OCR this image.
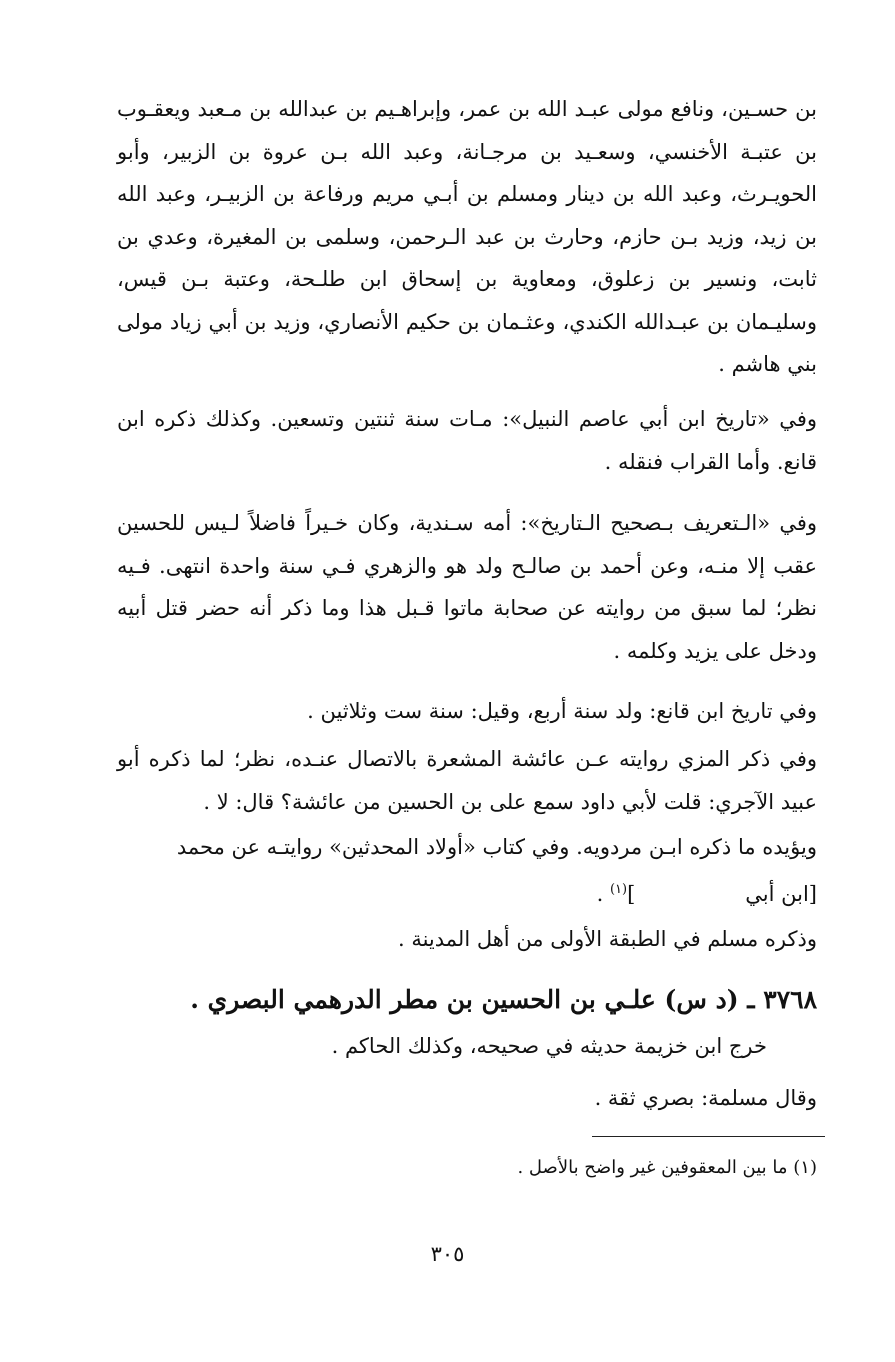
بن حسـين، ونافع مولى عبـد الله بن عمر، وإبراهـيم بن عبدالله بن مـعبد ويعقـوب بن عتبـة الأخنسي، وسعـيد بن مرجـانة، وعبد الله بـن عروة بن الزبير، وأبو الحويـرث، وعبد الله بن دينار ومسلم بن أبـي مريم ورفاعة بن الزبيـر، وعبد الله بن زيد، وزيد بـن حازم، وحارث بن عبد الـرحمن، وسلمى بن المغيرة، وعدي بن ثابت، ونسير بن زعلوق، ومعاوية بن إسحاق ابن طلـحة، وعتبة بـن قيس، وسليـمان بن عبـدالله الكندي، وعثـمان بن حكيم الأنصاري، وزيد بن أبي زياد مولى بني هاشم .
وفي «تاريخ ابن أبي عاصم النبيل»: مـات سنة ثنتين وتسعين. وكذلك ذكره ابن قانع. وأما القراب فنقله .
وفي «الـتعريف بـصحيح الـتاريخ»: أمه سـندية، وكان خـيراً فاضلاً لـيس للحسين عقب إلا منـه، وعن أحمد بن صالـح ولد هو والزهري فـي سنة واحدة انتهى. فـيه نظر؛ لما سبق من روايته عن صحابة ماتوا قـبل هذا وما ذكر أنه حضر قتل أبيه ودخل على يزيد وكلمه .
وفي تاريخ ابن قانع: ولد سنة أربع، وقيل: سنة ست وثلاثين .
وفي ذكر المزي روايته عـن عائشة المشعرة بالاتصال عنـده، نظر؛ لما ذكره أبو عبيد الآجري: قلت لأبي داود سمع على بن الحسين من عائشة؟ قال: لا .
ويؤيده ما ذكره ابـن مردويه. وفي كتاب «أولاد المحدثين» روايتـه عن محمد
[ابن أبي]$^{(١)}$ .
وذكره مسلم في الطبقة الأولى من أهل المدينة .
٣٧٦٨ ـ (د س) علـي بن الحسين بن مطر الدرهمي البصري .
خرج ابن خزيمة حديثه في صحيحه، وكذلك الحاكم .
وقال مسلمة: بصري ثقة .
(١) ما بين المعقوفين غير واضح بالأصل .
٣٠٥
